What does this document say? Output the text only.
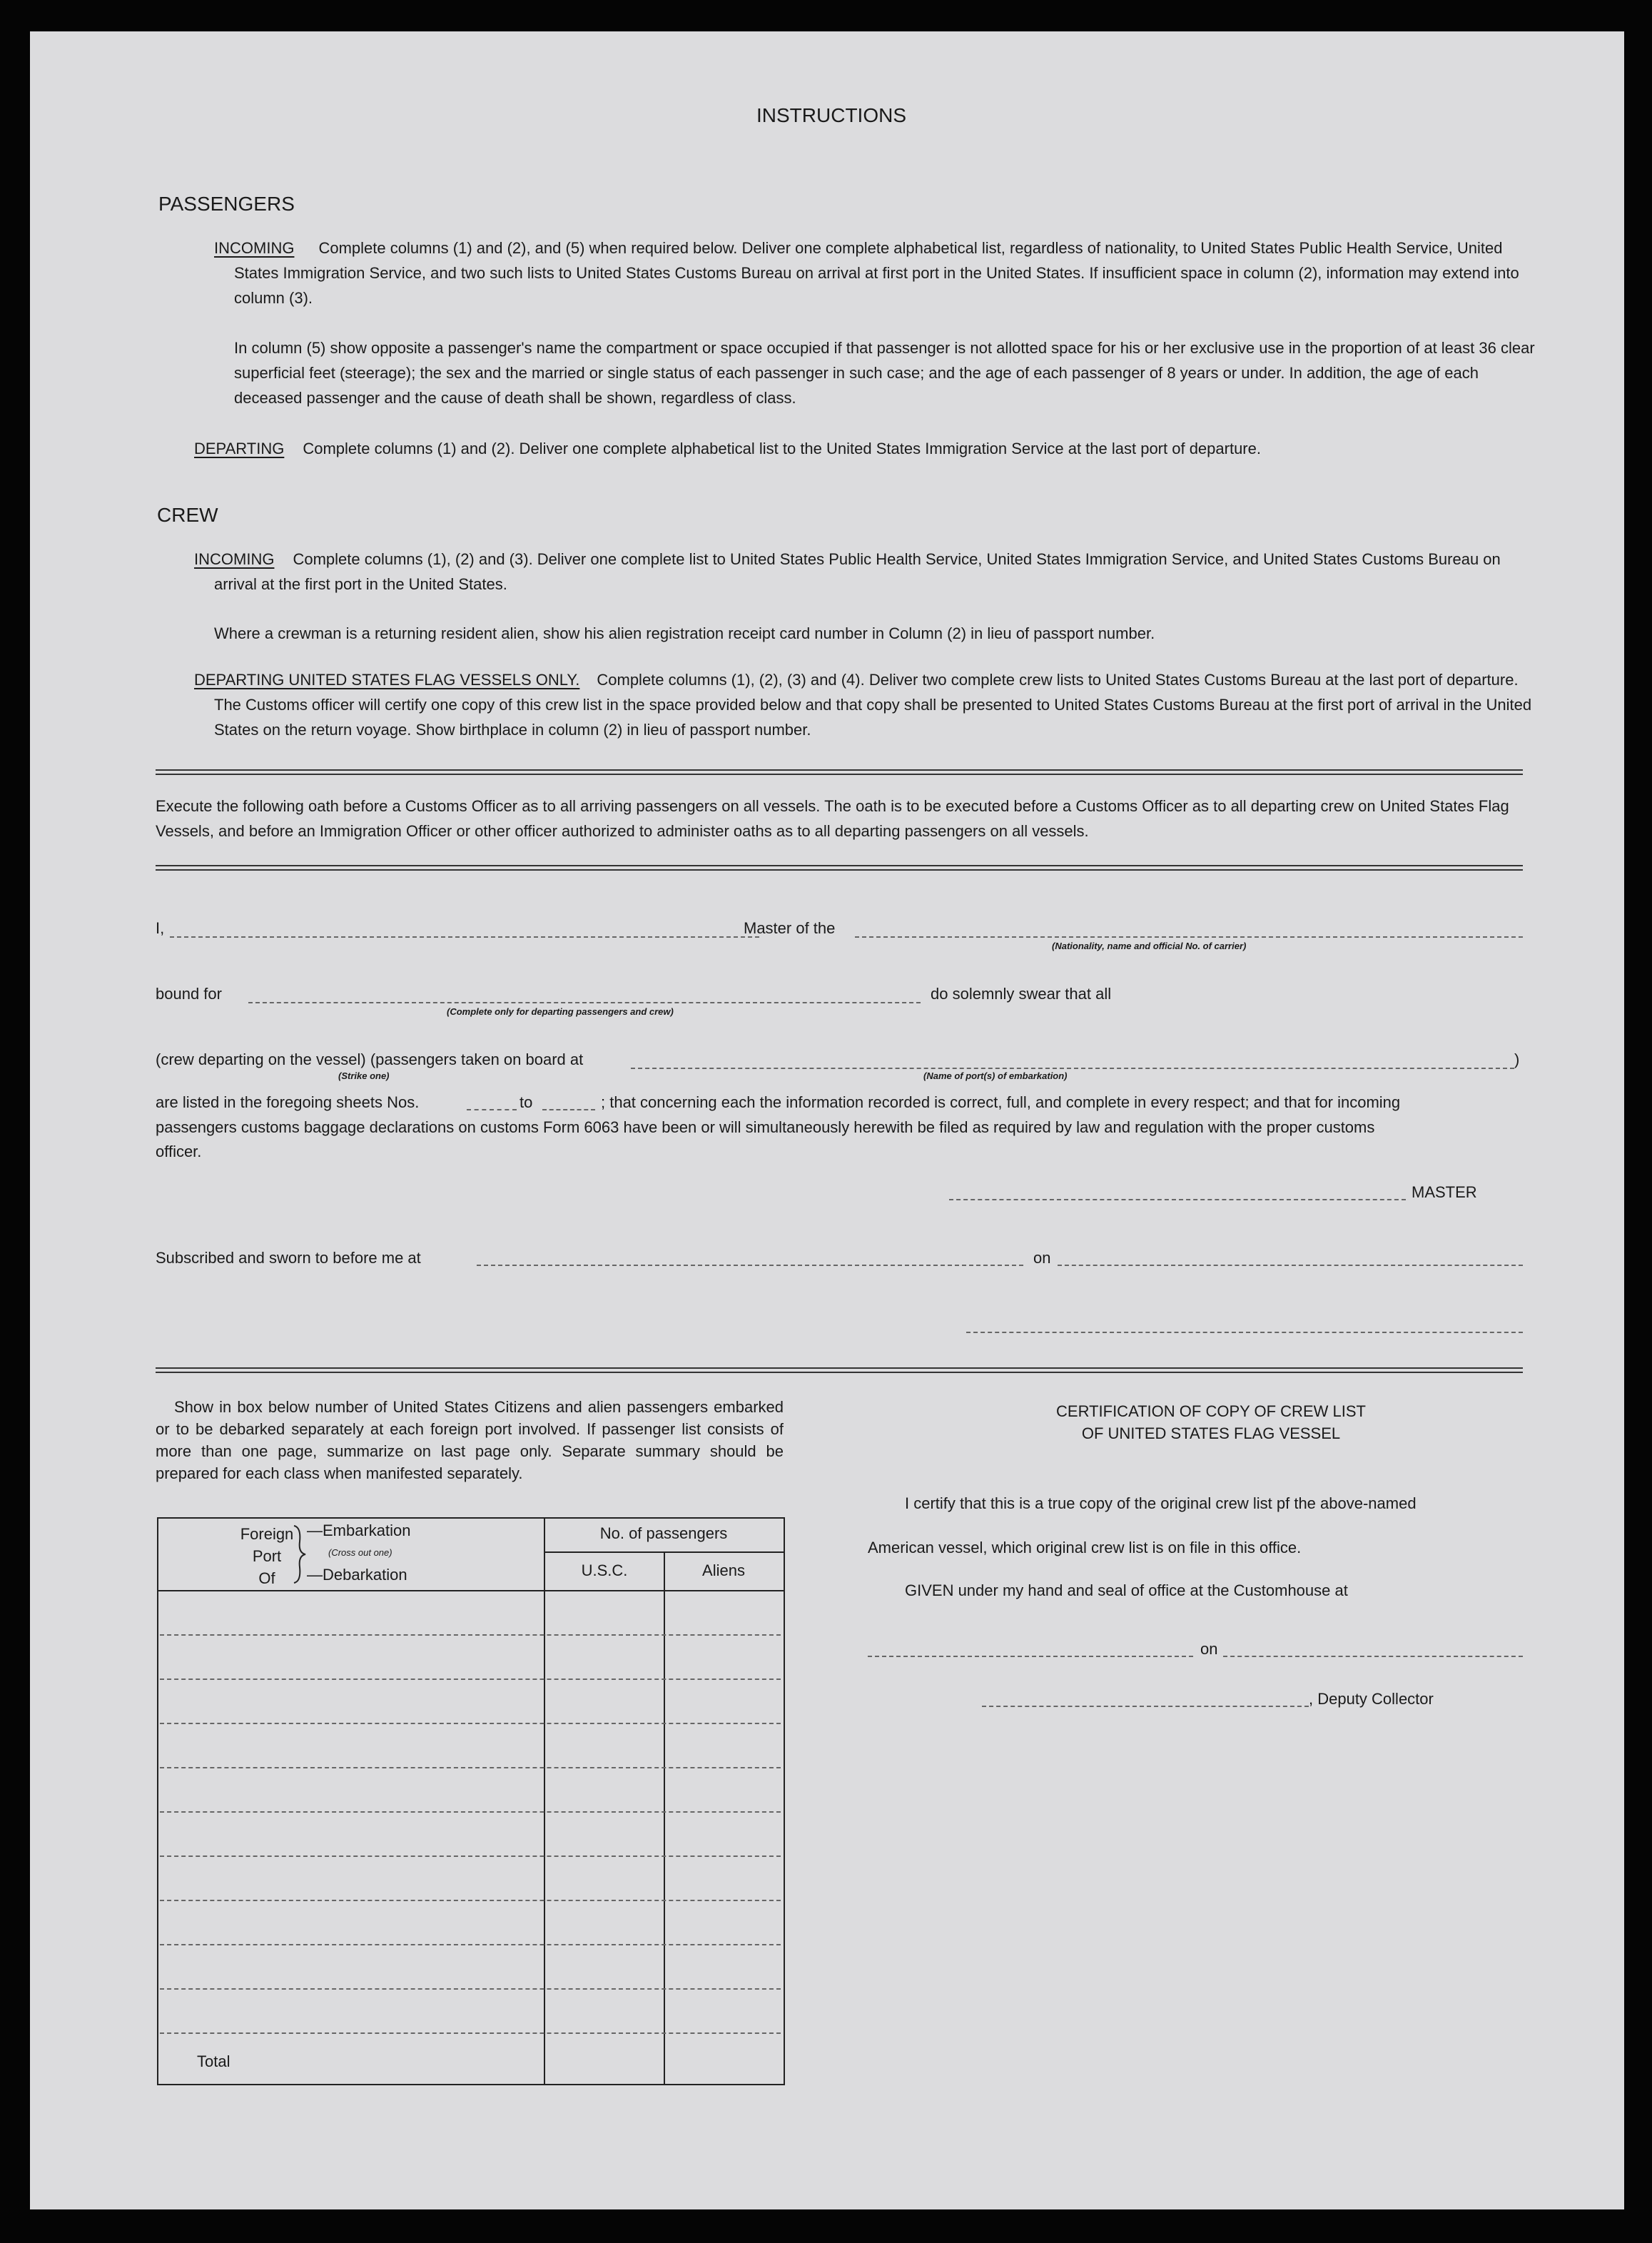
INSTRUCTIONS
PASSENGERS
INCOMING Complete columns (1) and (2), and (5) when required below. Deliver one complete alphabetical list, regardless of nationality, to United States Public Health Service, United States Immigration Service, and two such lists to United States Customs Bureau on arrival at first port in the United States. If insufficient space in column (2), information may extend into column (3).
In column (5) show opposite a passenger's name the compartment or space occupied if that passenger is not allotted space for his or her exclusive use in the proportion of at least 36 clear superficial feet (steerage); the sex and the married or single status of each passenger in such case; and the age of each passenger of 8 years or under. In addition, the age of each deceased passenger and the cause of death shall be shown, regardless of class.
DEPARTING Complete columns (1) and (2). Deliver one complete alphabetical list to the United States Immigration Service at the last port of departure.
CREW
INCOMING Complete columns (1), (2) and (3). Deliver one complete list to United States Public Health Service, United States Immigration Service, and United States Customs Bureau on arrival at the first port in the United States.
Where a crewman is a returning resident alien, show his alien registration receipt card number in Column (2) in lieu of passport number.
DEPARTING UNITED STATES FLAG VESSELS ONLY. Complete columns (1), (2), (3) and (4). Deliver two complete crew lists to United States Customs Bureau at the last port of departure. The Customs officer will certify one copy of this crew list in the space provided below and that copy shall be presented to United States Customs Bureau at the first port of arrival in the United States on the return voyage. Show birthplace in column (2) in lieu of passport number.
Execute the following oath before a Customs Officer as to all arriving passengers on all vessels. The oath is to be executed before a Customs Officer as to all departing crew on United States Flag Vessels, and before an Immigration Officer or other officer authorized to administer oaths as to all departing passengers on all vessels.
I,	Master of the
(Nationality, name and official No. of carrier)
bound for
(Complete only for departing passengers and crew)
do solemnly swear that all
(crew departing on the vessel) (passengers taken on board at
(Strike one)	(Name of port(s) of embarkation)
)
are listed in the foregoing sheets Nos.	to	; that concerning each the information recorded is correct, full, and complete in every respect; and that for incoming
passengers customs baggage declarations on customs Form 6063 have been or will simultaneously herewith be filed as required by law and regulation with the proper customs
officer.
MASTER
Subscribed and sworn to before me at	on
Show in box below number of United States Citizens and alien passengers embarked or to be debarked separately at each foreign port involved. If passenger list consists of more than one page, summarize on last page only. Separate summary should be prepared for each class when manifested separately.
Foreign
Port
Of
—Embarkation
(Cross out one)
—Debarkation
No. of passengers
U.S.C.	Aliens
Total
CERTIFICATION OF COPY OF CREW LIST
OF UNITED STATES FLAG VESSEL
I certify that this is a true copy of the original crew list pf the above-named
American vessel, which original crew list is on file in this office.
GIVEN under my hand and seal of office at the Customhouse at
on
, Deputy Collector
